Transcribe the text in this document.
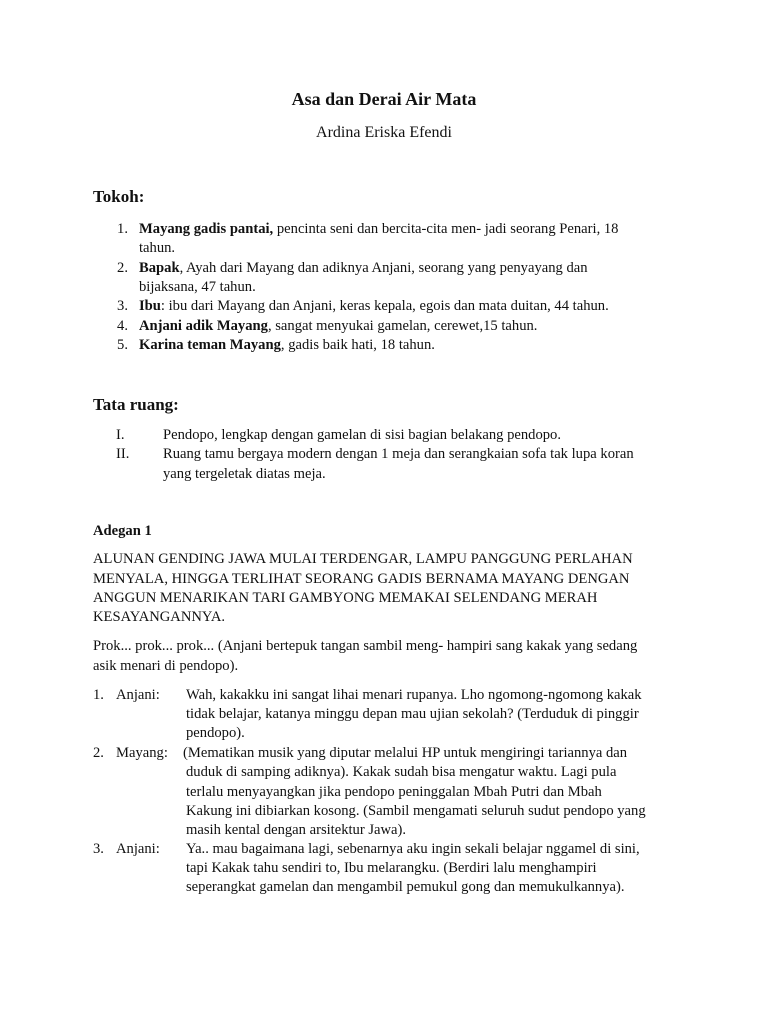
Asa dan Derai Air Mata
Ardina Eriska Efendi
Tokoh:
1. Mayang gadis pantai, pencinta seni dan bercita-cita men- jadi seorang Penari, 18
tahun.
2. Bapak, Ayah dari Mayang dan adiknya Anjani, seorang yang penyayang dan
bijaksana, 47 tahun.
3. Ibu: ibu dari Mayang dan Anjani, keras kepala, egois dan mata duitan, 44 tahun.
4. Anjani adik Mayang, sangat menyukai gamelan, cerewet,15 tahun.
5. Karina teman Mayang, gadis baik hati, 18 tahun.
Tata ruang:
I.	Pendopo, lengkap dengan gamelan di sisi bagian belakang pendopo.
II. Ruang tamu bergaya modern dengan 1 meja dan serangkaian sofa tak lupa koran
yang tergeletak diatas meja.
Adegan 1
ALUNAN GENDING JAWA MULAI TERDENGAR, LAMPU PANGGUNG PERLAHAN
MENYALA, HINGGA TERLIHAT SEORANG GADIS BERNAMA MAYANG DENGAN
ANGGUN MENARIKAN TARI GAMBYONG MEMAKAI SELENDANG MERAH
KESAYANGANNYA.
Prok... prok... prok... (Anjani bertepuk tangan sambil meng- hampiri sang kakak yang sedang
asik menari di pendopo).
1. Anjani: Wah, kakakku ini sangat lihai menari rupanya. Lho ngomong-ngomong kakak
tidak belajar, katanya minggu depan mau ujian sekolah? (Terduduk di pinggir
pendopo).
2. Mayang: (Mematikan musik yang diputar melalui HP untuk mengiringi tariannya dan
duduk di samping adiknya). Kakak sudah bisa mengatur waktu. Lagi pula
terlalu menyayangkan jika pendopo peninggalan Mbah Putri dan Mbah
Kakung ini dibiarkan kosong. (Sambil mengamati seluruh sudut pendopo yang
masih kental dengan arsitektur Jawa).
3. Anjani: Ya.. mau bagaimana lagi, sebenarnya aku ingin sekali belajar nggamel di sini,
tapi Kakak tahu sendiri to, Ibu melarangku. (Berdiri lalu menghampiri
seperangkat gamelan dan mengambil pemukul gong dan memukulkannya).
